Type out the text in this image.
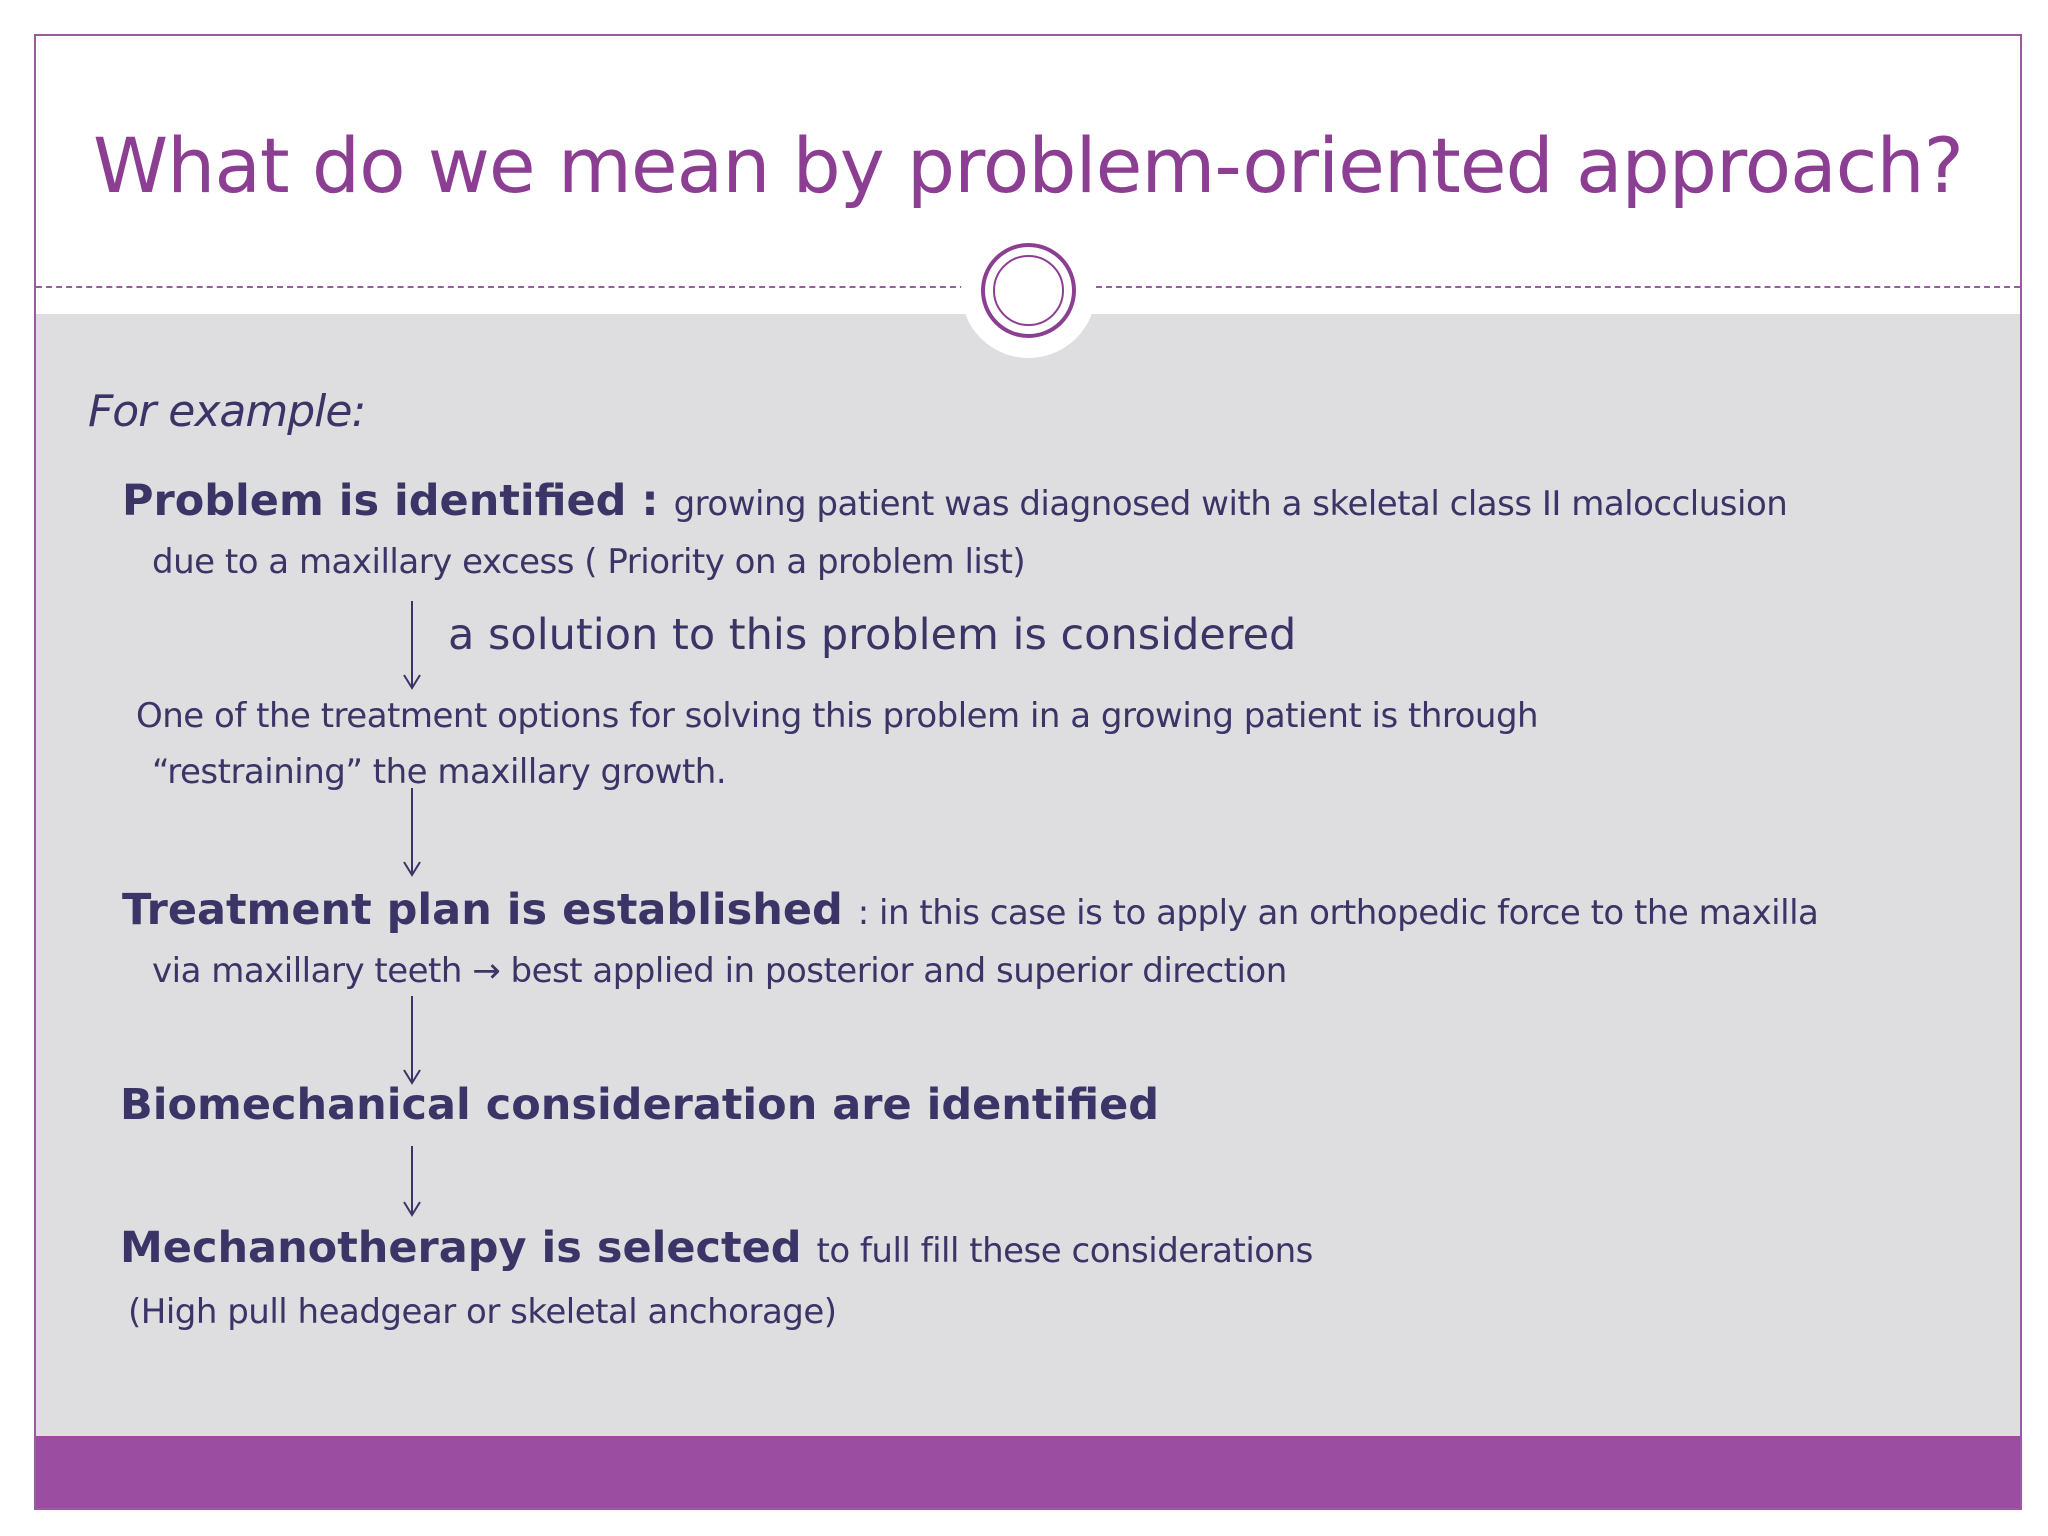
What do we mean by problem-oriented approach?
For example:
Problem is identified : growing patient was diagnosed with a skeletal class II malocclusion
due to a maxillary excess ( Priority on a problem list)
a solution to this problem is considered
One of the treatment options for solving this problem in a growing patient is through
“restraining” the maxillary growth.
Treatment plan is established : in this case is to apply an orthopedic force to the maxilla
via maxillary teeth → best applied in posterior and superior direction
Biomechanical consideration are identified
Mechanotherapy is selected to full fill these considerations
(High pull headgear or skeletal anchorage)
